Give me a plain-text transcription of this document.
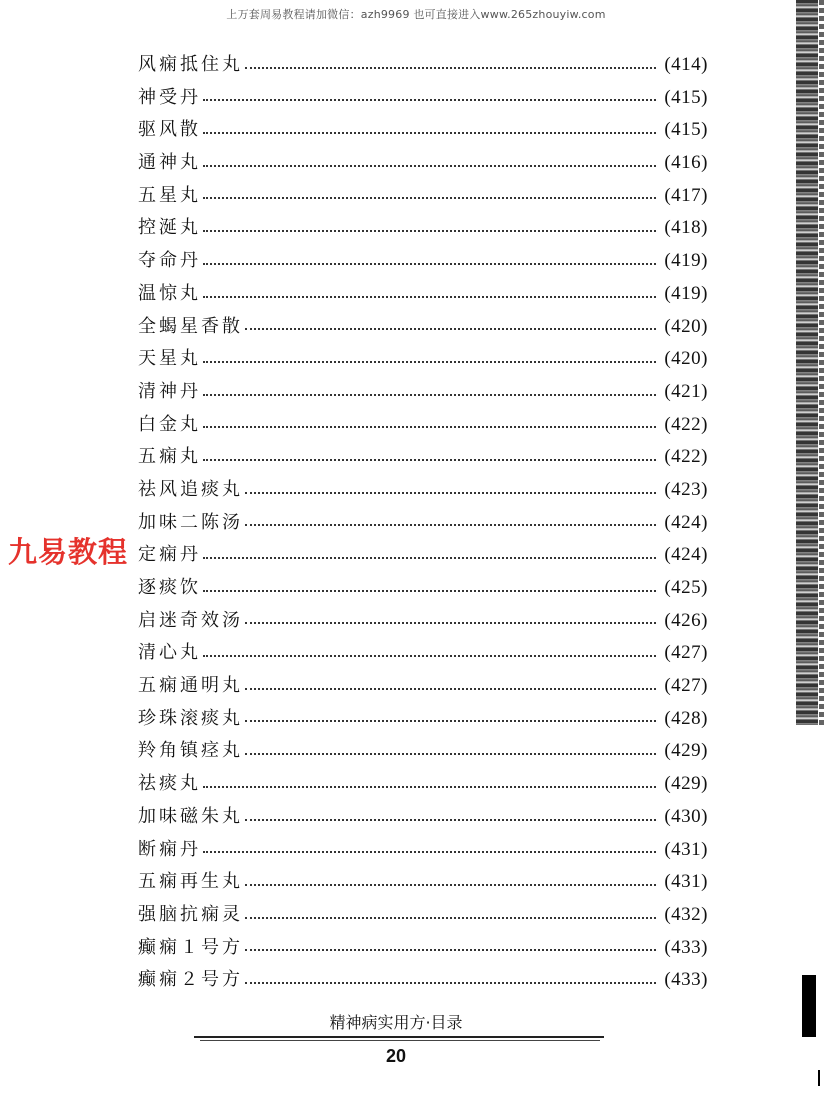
上万套周易教程请加微信：azh9969 也可直接进入www.265zhouyiw.com
风痫抵住丸	(414)
神受丹	(415)
驱风散	(415)
通神丸	(416)
五星丸	(417)
控涎丸	(418)
夺命丹	(419)
温惊丸	(419)
全蝎星香散	(420)
天星丸	(420)
清神丹	(421)
白金丸	(422)
五痫丸	(422)
祛风追痰丸	(423)
加味二陈汤	(424)
定痫丹	(424)
逐痰饮	(425)
启迷奇效汤	(426)
清心丸	(427)
五痫通明丸	(427)
珍珠滚痰丸	(428)
羚角镇痉丸	(429)
祛痰丸	(429)
加味磁朱丸	(430)
断痫丹	(431)
五痫再生丸	(431)
强脑抗痫灵	(432)
癫痫１号方	(433)
癫痫２号方	(433)
九易教程
精神病实用方·目录
20
